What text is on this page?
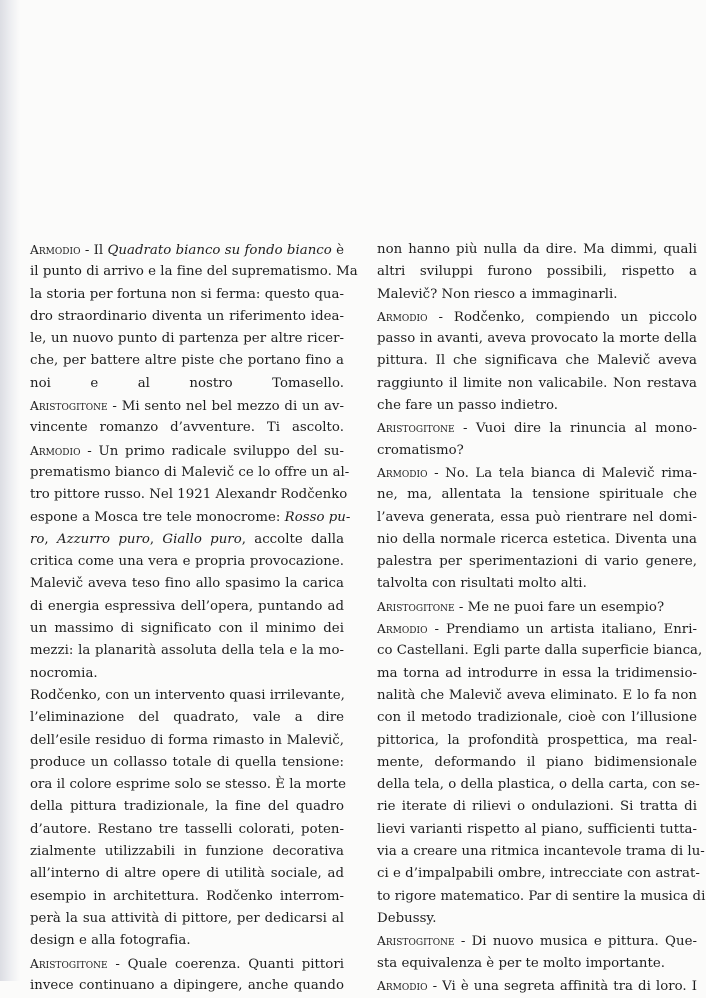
Armodio - Il Quadrato bianco su fondo bianco è
il punto di arrivo e la fine del suprematismo. Ma
la storia per fortuna non si ferma: questo qua-
dro straordinario diventa un riferimento idea-
le, un nuovo punto di partenza per altre ricer-
che, per battere altre piste che portano fino a
noi e al nostro Tomasello.
Aristogitone - Mi sento nel bel mezzo di un av-
vincente romanzo d’avventure. Ti ascolto.
Armodio - Un primo radicale sviluppo del su-
prematismo bianco di Malevič ce lo offre un al-
tro pittore russo. Nel 1921 Alexandr Rodčenko
espone a Mosca tre tele monocrome: Rosso pu-
ro, Azzurro puro, Giallo puro, accolte dalla
critica come una vera e propria provocazione.
Malevič aveva teso fino allo spasimo la carica
di energia espressiva dell’opera, puntando ad
un massimo di significato con il minimo dei
mezzi: la planarità assoluta della tela e la mo-
nocromia.
Rodčenko, con un intervento quasi irrilevante,
l’eliminazione del quadrato, vale a dire
dell’esile residuo di forma rimasto in Malevič,
produce un collasso totale di quella tensione:
ora il colore esprime solo se stesso. È la morte
della pittura tradizionale, la fine del quadro
d’autore. Restano tre tasselli colorati, poten-
zialmente utilizzabili in funzione decorativa
all’interno di altre opere di utilità sociale, ad
esempio in architettura. Rodčenko interrom-
perà la sua attività di pittore, per dedicarsi al
design e alla fotografia.
Aristogitone - Quale coerenza. Quanti pittori
invece continuano a dipingere, anche quando
non hanno più nulla da dire. Ma dimmi, quali
altri sviluppi furono possibili, rispetto a
Malevič? Non riesco a immaginarli.
Armodio - Rodčenko, compiendo un piccolo
passo in avanti, aveva provocato la morte della
pittura. Il che significava che Malevič aveva
raggiunto il limite non valicabile. Non restava
che fare un passo indietro.
Aristogitone - Vuoi dire la rinuncia al mono-
cromatismo?
Armodio - No. La tela bianca di Malevič rima-
ne, ma, allentata la tensione spirituale che
l’aveva generata, essa può rientrare nel domi-
nio della normale ricerca estetica. Diventa una
palestra per sperimentazioni di vario genere,
talvolta con risultati molto alti.
Aristogitone - Me ne puoi fare un esempio?
Armodio - Prendiamo un artista italiano, Enri-
co Castellani. Egli parte dalla superficie bianca,
ma torna ad introdurre in essa la tridimensio-
nalità che Malevič aveva eliminato. E lo fa non
con il metodo tradizionale, cioè con l’illusione
pittorica, la profondità prospettica, ma real-
mente, deformando il piano bidimensionale
della tela, o della plastica, o della carta, con se-
rie iterate di rilievi o ondulazioni. Si tratta di
lievi varianti rispetto al piano, sufficienti tutta-
via a creare una ritmica incantevole trama di lu-
ci e d’impalpabili ombre, intrecciate con astrat-
to rigore matematico. Par di sentire la musica di
Debussy.
Aristogitone - Di nuovo musica e pittura. Que-
sta equivalenza è per te molto importante.
Armodio - Vi è una segreta affinità tra di loro. I
